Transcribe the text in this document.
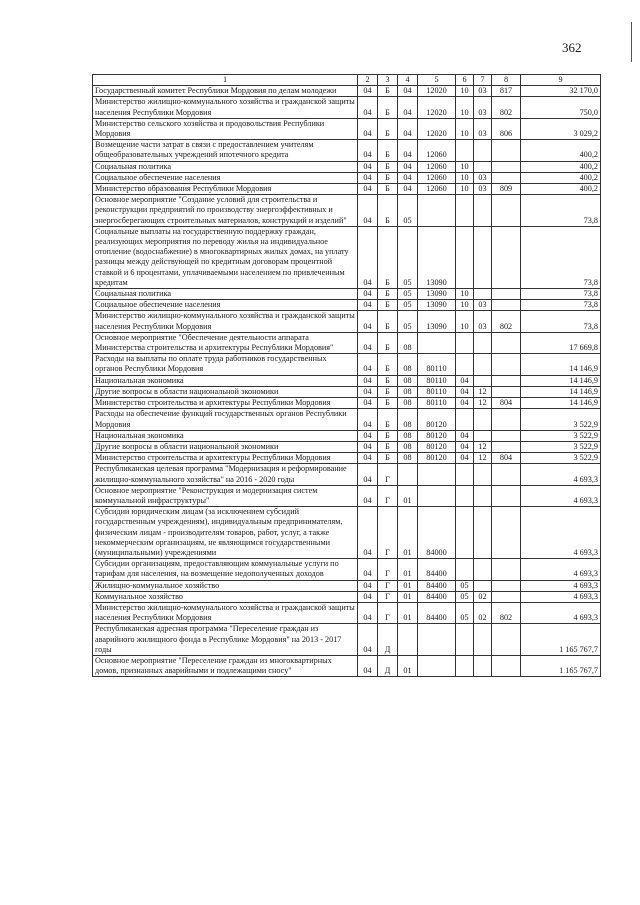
362
1	2	3	4	5	6	7	8	9
Государственный комитет Республики Мордовия по делам молодежи	04	Б	04	12020	10	03	817	32 170,0
Министерство жилищно-коммунального хозяйства и гражданской защиты населения Республики Мордовия	04	Б	04	12020	10	03	802	750,0
Министерство сельского хозяйства и продовольствия Республики Мордовия	04	Б	04	12020	10	03	806	3 029,2
Возмещение части затрат в связи с предоставлением учителям общеобразовательных учреждений ипотечного кредита	04	Б	04	12060				400,2
Социальная политика	04	Б	04	12060	10			400,2
Социальное обеспечение населения	04	Б	04	12060	10	03		400,2
Министерство образования Республики Мордовия	04	Б	04	12060	10	03	809	400,2
Основное мероприятие "Создание условий для строительства и реконструкции предприятий по производству энергоэффективных и энергосберегающих строительных материалов, конструкций и изделий"	04	Б	05					73,8
Социальные выплаты на государственную поддержку граждан, реализующих мероприятия по переводу жилья на индивидуальное отопление (водоснабжение) в многоквартирных жилых домах, на уплату разницы между действующей по кредитным договорам процентной ставкой и 6 процентами, уплачиваемыми населением по привлеченным кредитам	04	Б	05	13090				73,8
Социальная политика	04	Б	05	13090	10			73,8
Социальное обеспечение населения	04	Б	05	13090	10	03		73,8
Министерство жилищно-коммунального хозяйства и гражданской защиты населения Республики Мордовия	04	Б	05	13090	10	03	802	73,8
Основное мероприятие "Обеспечение деятельности аппарата Министерства строительства и архитектуры Республики Мордовия"	04	Б	08					17 669,8
Расходы на выплаты по оплате труда работников государственных органов Республики Мордовия	04	Б	08	80110				14 146,9
Национальная экономика	04	Б	08	80110	04			14 146,9
Другие вопросы в области национальной экономики	04	Б	08	80110	04	12		14 146,9
Министерство строительства и архитектуры Республики Мордовия	04	Б	08	80110	04	12	804	14 146,9
Расходы на обеспечение функций государственных органов Республики Мордовия	04	Б	08	80120				3 522,9
Национальная экономика	04	Б	08	80120	04			3 522,9
Другие вопросы в области национальной экономики	04	Б	08	80120	04	12		3 522,9
Министерство строительства и архитектуры Республики Мордовия	04	Б	08	80120	04	12	804	3 522,9
Республиканская целевая программа "Модернизация и реформирование жилищно-коммунального хозяйства" на 2016 - 2020 годы	04	Г						4 693,3
Основное мероприятие "Реконструкция и модернизация систем коммунальной инфраструктуры"	04	Г	01					4 693,3
Субсидии юридическим лицам (за исключением субсидий государственным учреждениям), индивидуальным предпринимателям, физическим лицам - производителям товаров, работ, услуг, а также некоммерческим организациям, не являющимся государственными (муниципальными) учреждениями	04	Г	01	84000				4 693,3
Субсидии организациям, предоставляющим коммунальные услуги по тарифам для населения, на возмещение недополученных доходов	04	Г	01	84400				4 693,3
Жилищно-коммунальное хозяйство	04	Г	01	84400	05			4 693,3
Коммунальное хозяйство	04	Г	01	84400	05	02		4 693,3
Министерство жилищно-коммунального хозяйства и гражданской защиты населения Республики Мордовия	04	Г	01	84400	05	02	802	4 693,3
Республиканская адресная программа "Переселение граждан из аварийного жилищного фонда в Республике Мордовия" на 2013 - 2017 годы	04	Д						1 165 767,7
Основное мероприятие "Переселение граждан из многоквартирных домов, признанных аварийными и подлежащими сносу"	04	Д	01					1 165 767,7
